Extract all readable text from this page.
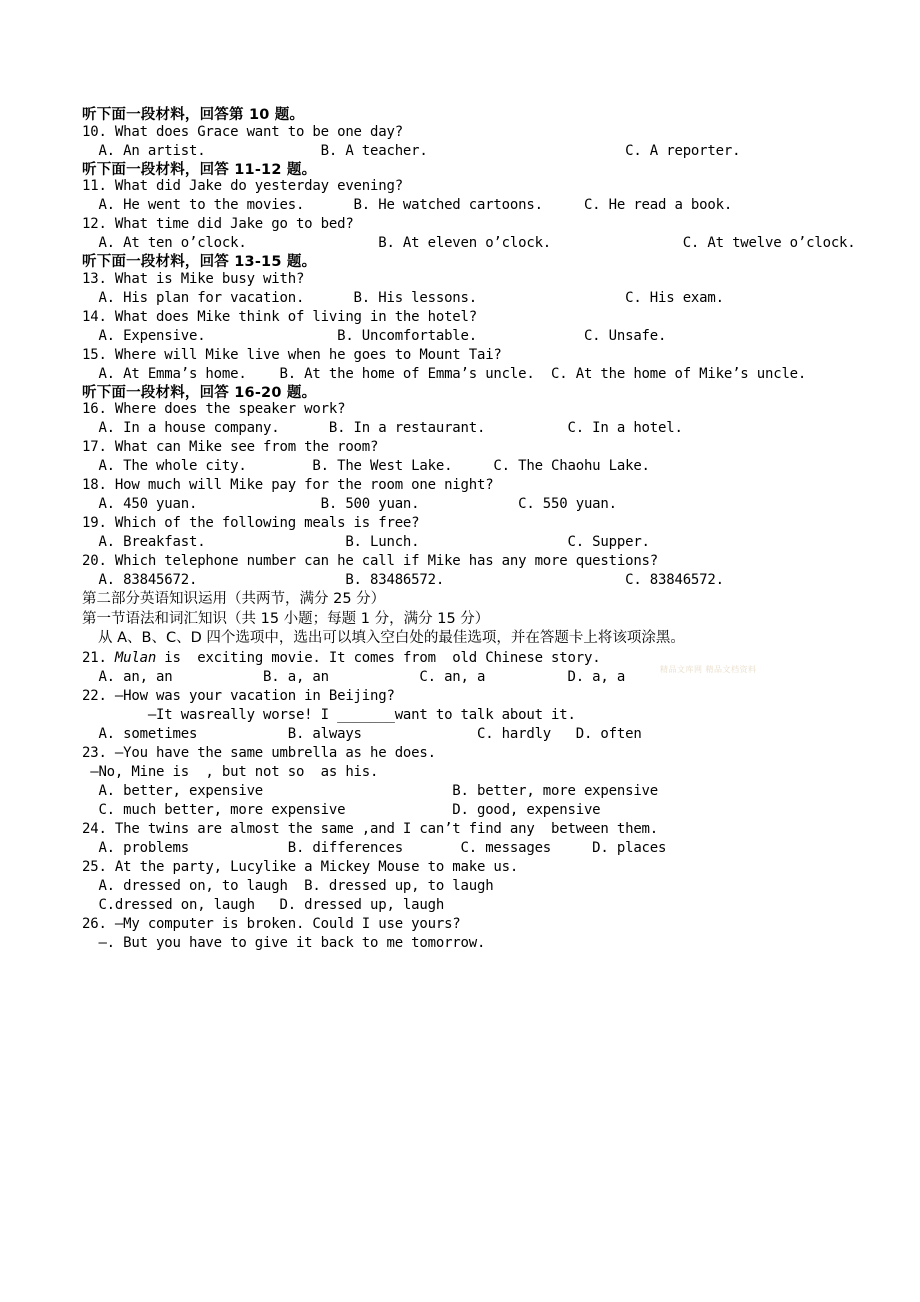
听下面一段材料，回答第 10 题。
10. What does Grace want to be one day?
A. An artist.              B. A teacher.                        C. A reporter.
听下面一段材料，回答 11-12 题。
11. What did Jake do yesterday evening?
A. He went to the movies.      B. He watched cartoons.     C. He read a book.
12. What time did Jake go to bed?
A. At ten o’clock.                B. At eleven o’clock.                C. At twelve o’clock.
听下面一段材料，回答 13-15 题。
13. What is Mike busy with?
A. His plan for vacation.      B. His lessons.                  C. His exam.
14. What does Mike think of living in the hotel?
A. Expensive.                B. Uncomfortable.             C. Unsafe.
15. Where will Mike live when he goes to Mount Tai?
A. At Emma’s home.    B. At the home of Emma’s uncle.  C. At the home of Mike’s uncle.
听下面一段材料，回答 16-20 题。
16. Where does the speaker work?
A. In a house company.      B. In a restaurant.          C. In a hotel.
17. What can Mike see from the room?
A. The whole city.        B. The West Lake.     C. The Chaohu Lake.
18. How much will Mike pay for the room one night?
A. 450 yuan.               B. 500 yuan.            C. 550 yuan.
19. Which of the following meals is free?
A. Breakfast.                 B. Lunch.                  C. Supper.
20. Which telephone number can he call if Mike has any more questions?
A. 83845672.                  B. 83486572.                      C. 83846572.
第二部分英语知识运用（共两节，满分 25 分）
第一节语法和词汇知识（共 15 小题；每题 1 分，满分 15 分）
从 A、B、C、D 四个选项中，选出可以填入空白处的最佳选项，并在答题卡上将该项涂黑。
21. Mulan is  exciting movie. It comes from  old Chinese story.
A. an, an           B. a, an           C. an, a          D. a, a
22. —How was your vacation in Beijing?
—It wasreally worse! I _______want to talk about it.
A. sometimes           B. always              C. hardly   D. often
23. —You have the same umbrella as he does.
—No, Mine is  , but not so  as his.
A. better, expensive                       B. better, more expensive
C. much better, more expensive             D. good, expensive
24. The twins are almost the same ,and I can’t find any  between them.
A. problems            B. differences       C. messages     D. places
25. At the party, Lucylike a Mickey Mouse to make us.
A. dressed on, to laugh  B. dressed up, to laugh
C.dressed on, laugh   D. dressed up, laugh
26. —My computer is broken. Could I use yours?
—. But you have to give it back to me tomorrow.
精品文库网 精品文档资料
